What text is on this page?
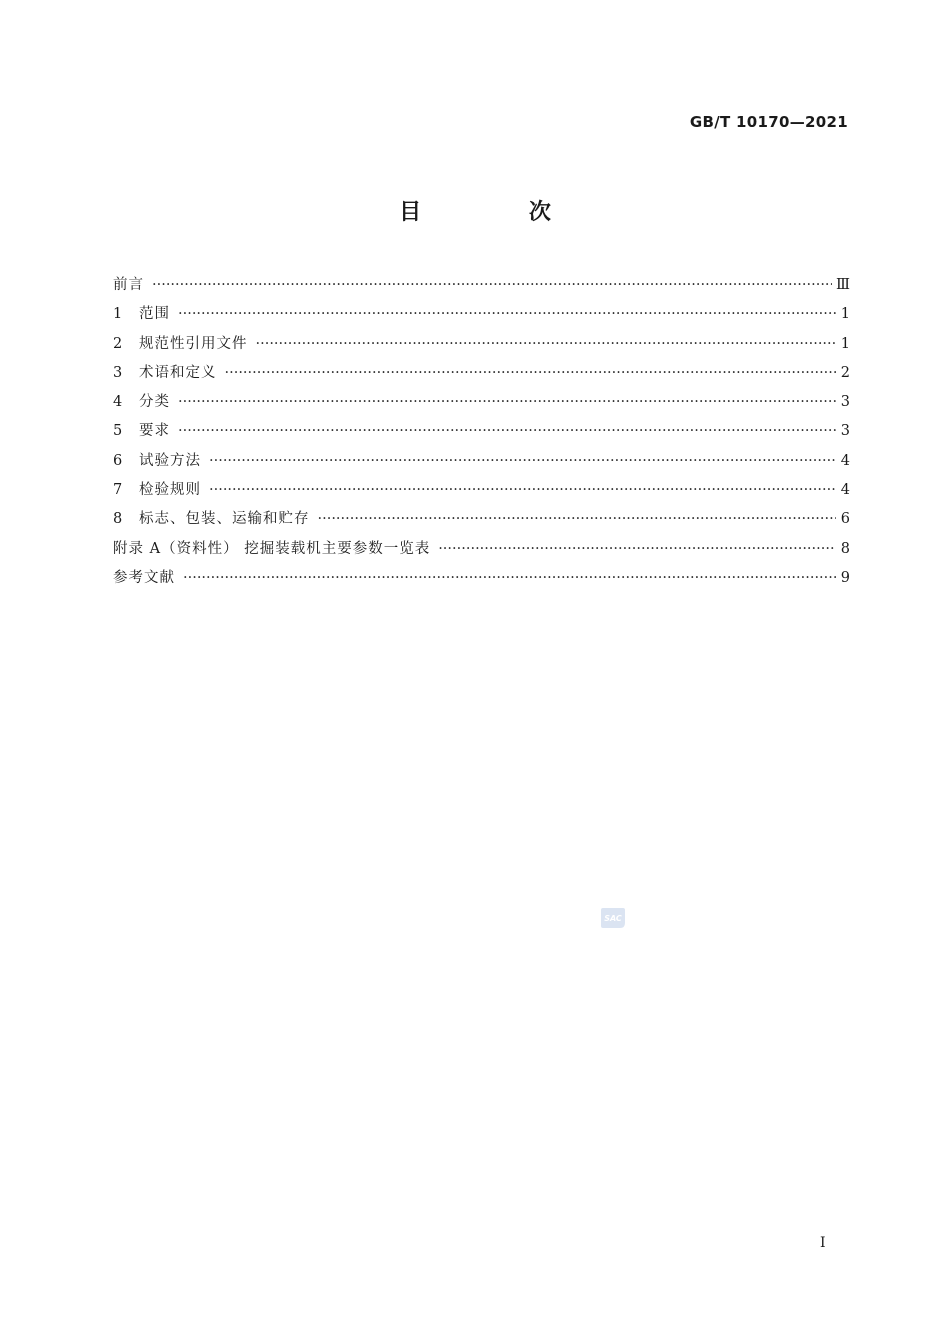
GB/T 10170—2021
目 次
前言 ·····	Ⅲ
1	范围 ·····	1
2	规范性引用文件 ·····	1
3	术语和定义 ·····	2
4	分类 ·····	3
5	要求 ·····	3
6	试验方法 ·····	4
7	检验规则 ·····	4
8	标志、包装、运输和贮存 ·····	6
附录 A（资料性） 挖掘装载机主要参数一览表 ·····	8
参考文献 ·····	9
SAC
Ⅰ
